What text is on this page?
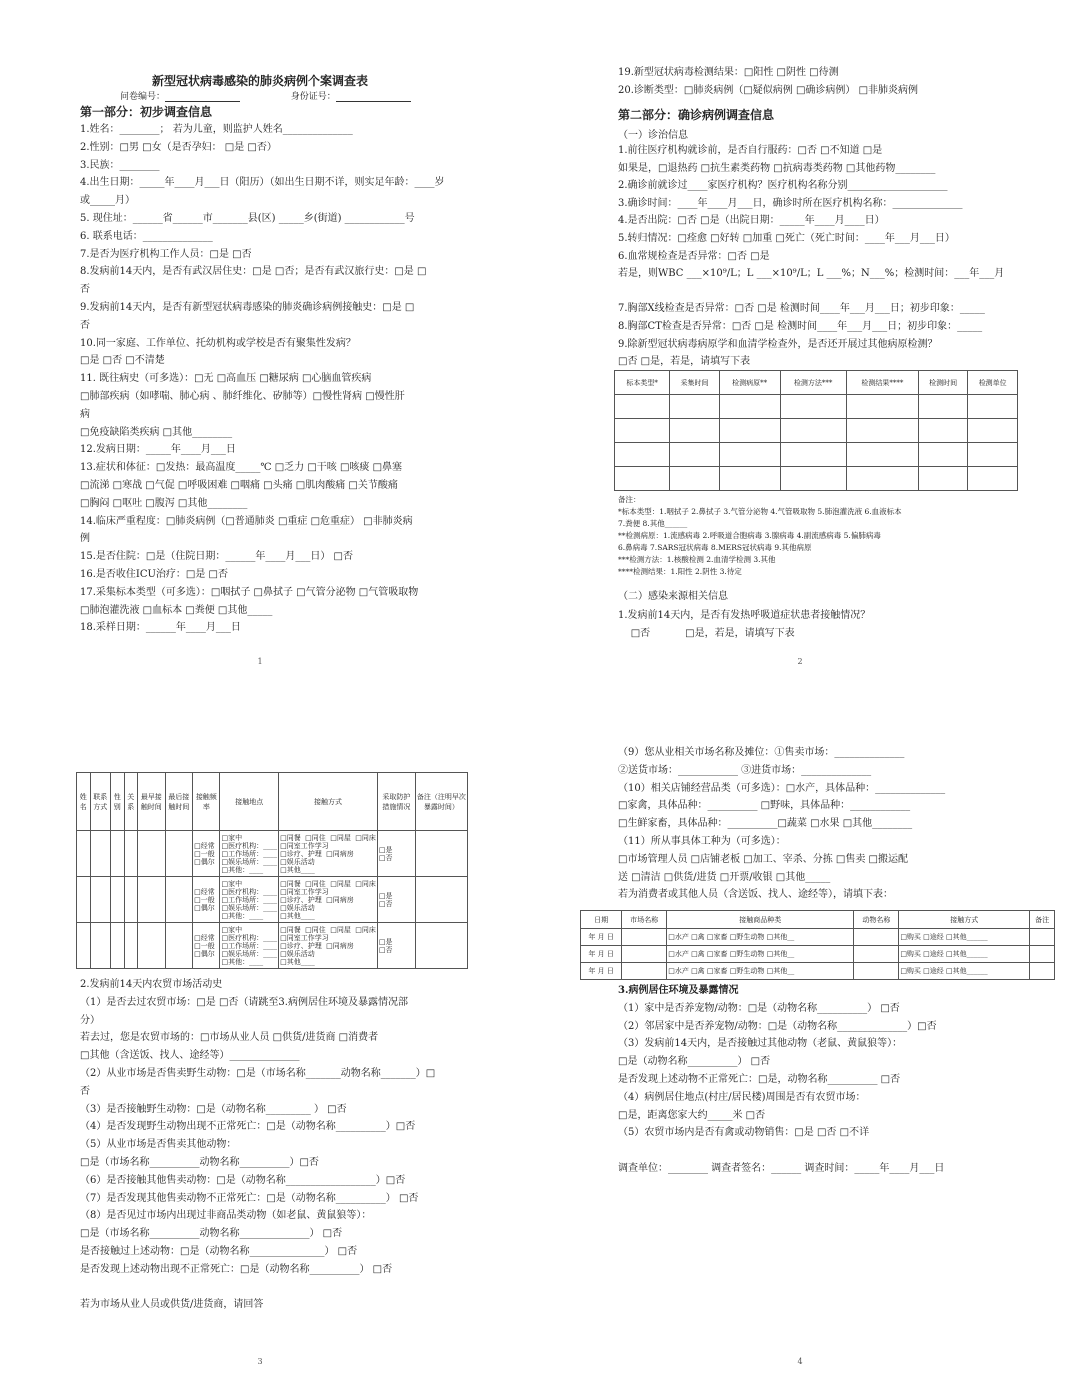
新型冠状病毒感染的肺炎病例个案调查表
问卷编号：	身份证号：
第一部分：初步调查信息
1.姓名：________； 若为儿童，则监护人姓名______________
2.性别：□男 □女（是否孕妇： □是 □否）
3.民族：________
4.出生日期：_____年____月___日（阳历）（如出生日期不详，则实足年龄：____岁
或_____月）
5. 现住址：______省______市_______县(区) _____乡(街道) ____________号
6. 联系电话：______________
7.是否为医疗机构工作人员：□是 □否
8.发病前14天内，是否有武汉居住史：□是 □否；是否有武汉旅行史：□是 □
否
9.发病前14天内，是否有新型冠状病毒感染的肺炎确诊病例接触史：□是 □
否
10.同一家庭、工作单位、托幼机构或学校是否有聚集性发病？
□是 □否 □不清楚
11. 既往病史（可多选）：□无 □高血压 □糖尿病 □心脑血管疾病
□肺部疾病（如哮喘、肺心病 、肺纤维化、矽肺等）□慢性肾病 □慢性肝
病
□免疫缺陷类疾病 □其他________
12.发病日期：_____年____月___日
13.症状和体征：□发热：最高温度_____℃ □乏力 □干咳 □咳痰 □鼻塞
□流涕 □寒战 □气促 □呼吸困难 □咽痛 □头痛 □肌肉酸痛 □关节酸痛
□胸闷 □呕吐 □腹泻 □其他________
14.临床严重程度：□肺炎病例（□普通肺炎 □重症 □危重症） □非肺炎病
例
15.是否住院：□是（住院日期：______年____月___日） □否
16.是否收住ICU治疗：□是 □否
17.采集标本类型（可多选）：□咽拭子 □鼻拭子 □气管分泌物 □气管吸取物
□肺泡灌洗液 □血标本 □粪便 □其他_____
18.采样日期：______年____月___日
1
19.新型冠状病毒检测结果：□阳性 □阴性 □待测
20.诊断类型：□肺炎病例（□疑似病例 □确诊病例） □非肺炎病例
第二部分：确诊病例调查信息
（一）诊治信息
1.前往医疗机构就诊前，是否自行服药：□否 □不知道 □是
如果是，□退热药 □抗生素类药物 □抗病毒类药物 □其他药物________
2.确诊前就诊过____家医疗机构？医疗机构名称分别____________________
3.确诊时间：____年____月___日，确诊时所在医疗机构名称：______________
4.是否出院：□否 □是（出院日期：_____年____月____日）
5.转归情况：□痊愈 □好转 □加重 □死亡（死亡时间：____年___月___日）
6.血常规检查是否异常：□否 □是
若是，则WBC ___×10⁹/L；L ___×10⁹/L；L ___%；N___%；检测时间：___年___月
7.胸部X线检查是否异常：□否 □是 检测时间____年___月___日；初步印象：_____
8.胸部CT检查是否异常：□否 □是 检测时间____年___月___日；初步印象：_____
9.除新型冠状病毒病原学和血清学检查外，是否还开展过其他病原检测？
□否 □是，若是，请填写下表
标本类型*	采集时间	检测病原**	检测方法***	检测结果****	检测时间	检测单位

备注：
*标本类型：1.咽拭子 2.鼻拭子 3.气管分泌物 4.气管吸取物 5.肺泡灌洗液 6.血液标本
7.粪便 8.其他______
**检测病原：1.流感病毒 2.呼吸道合胞病毒 3.腺病毒 4.副流感病毒 5.偏肺病毒
6.鼻病毒 7.SARS冠状病毒 8.MERS冠状病毒 9.其他病原
***检测方法：1.核酸检测 2.血清学检测 3.其他
****检测结果：1.阳性 2.阴性 3.待定
（二）感染来源相关信息
1.发病前14天内，是否有发热呼吸道症状患者接触情况？
□否           □是，若是，请填写下表
2
姓名	联系方式	性别	关系	最早接触时间	最后接触时间	接触频率	接触地点	接触方式	采取防护措施情况	备注（注明早次暴露时间）
						□经常
□一般
□偶尔	□家中
□医疗机构：____
□工作场所：____
□娱乐场所：____
□其他：____	□同餐  □同住  □同屋  □同床
□同室工作学习
□诊疗、护理  □同病房
□娱乐活动
□其他____	□是
□否	
						□经常
□一般
□偶尔	□家中
□医疗机构：____
□工作场所：____
□娱乐场所：____
□其他：____	□同餐  □同住  □同屋  □同床
□同室工作学习
□诊疗、护理  □同病房
□娱乐活动
□其他____	□是
□否	
						□经常
□一般
□偶尔	□家中
□医疗机构：____
□工作场所：____
□娱乐场所：____
□其他：____	□同餐  □同住  □同屋  □同床
□同室工作学习
□诊疗、护理  □同病房
□娱乐活动
□其他____	□是
□否	
2.发病前14天内农贸市场活动史
（1）是否去过农贸市场：□是 □否（请跳至3.病例居住环境及暴露情况部
分）
若去过，您是农贸市场的：□市场从业人员 □供货/进货商 □消费者
□其他（含送饭、找人、途经等）______________
（2）从业市场是否售卖野生动物：□是（市场名称_______动物名称_______）□
否
（3）是否接触野生动物：□是（动物名称_________ ） □否
（4）是否发现野生动物出现不正常死亡：□是（动物名称__________）□否
（5）从业市场是否售卖其他动物：
□是（市场名称__________动物名称__________）□否
（6）是否接触其他售卖动物：□是（动物名称__________________）□否
（7）是否发现其他售卖动物不正常死亡：□是（动物名称__________） □否
（8）是否见过市场内出现过非商品类动物（如老鼠、黄鼠狼等）：
□是（市场名称__________动物名称______________） □否
是否接触过上述动物：□是（动物名称_______________） □否
是否发现上述动物出现不正常死亡：□是（动物名称__________） □否
若为市场从业人员或供货/进货商，请回答
3
（9）您从业相关市场名称及摊位：①售卖市场：______________
②送货市场：____________ ③进货市场：______________
（10）相关店铺经营品类（可多选）：□水产，具体品种：______________
□家禽，具体品种：__________ □野味，具体品种：____________
□生鲜家畜，具体品种：__________□蔬菜 □水果 □其他________
（11）所从事具体工种为（可多选）：
□市场管理人员 □店铺老板 □加工、宰杀、分拣 □售卖 □搬运配
送 □清洁 □供货/进货 □开票/收银 □其他_____
若为消费者或其他人员（含送饭、找人、途经等），请填下表：
日期	市场名称	接触商品种类	动物名称	接触方式	备注
年 月 日		□水产 □禽 □家畜 □野生动物 □其他__		□购买 □途经 □其他______	
年 月 日		□水产 □禽 □家畜 □野生动物 □其他__		□购买 □途经 □其他______	
年 月 日		□水产 □禽 □家畜 □野生动物 □其他__		□购买 □途经 □其他______	
3.病例居住环境及暴露情况
（1）家中是否养宠物/动物：□是（动物名称__________） □否
（2）邻居家中是否养宠物/动物：□是（动物名称______________）□否
（3）发病前14天内，是否接触过其他动物（老鼠、黄鼠狼等）：
□是（动物名称__________） □否
是否发现上述动物不正常死亡：□是，动物名称__________ □否
（4）病例居住地点(村庄/居民楼)周围是否有农贸市场：
□是，距离您家大约_____米 □否
（5）农贸市场内是否有禽或动物销售：□是 □否 □不详
调查单位：________ 调查者签名：______ 调查时间：_____年____月___日
4
